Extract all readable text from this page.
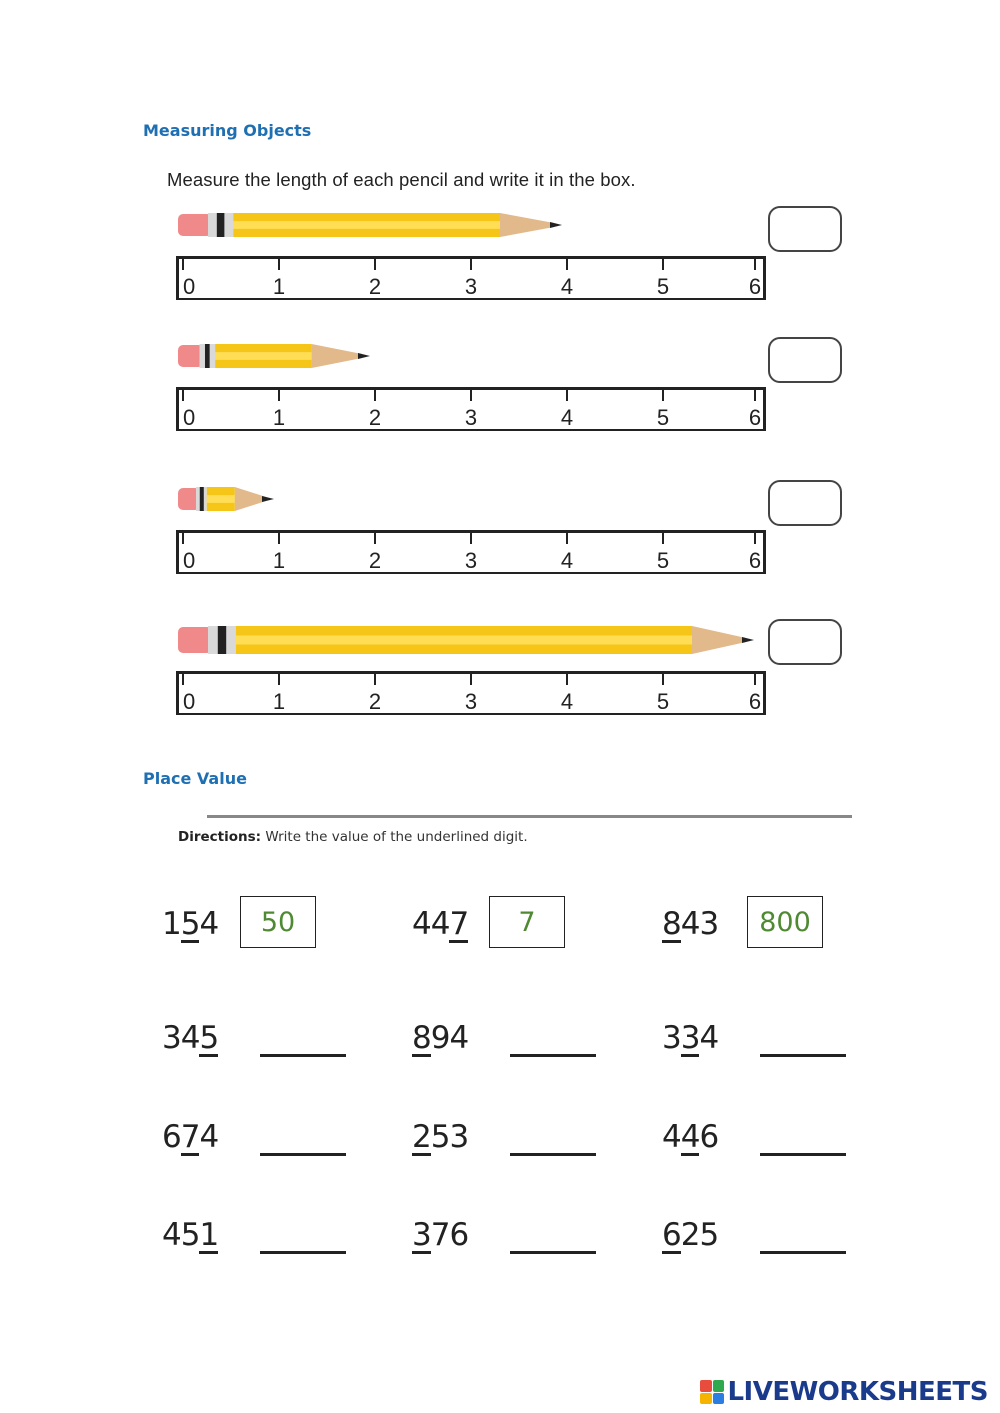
Measuring Objects
Measure the length of each pencil and write it in the box.
0	1	2	3	4	5	6
0	1	2	3	4	5	6
0	1	2	3	4	5	6
0	1	2	3	4	5	6
Place Value
Directions: Write the value of the underlined digit.
154	50	447	7	843	800
345	894	334
674	253	446
451	376	625
LIVEWORKSHEETS
